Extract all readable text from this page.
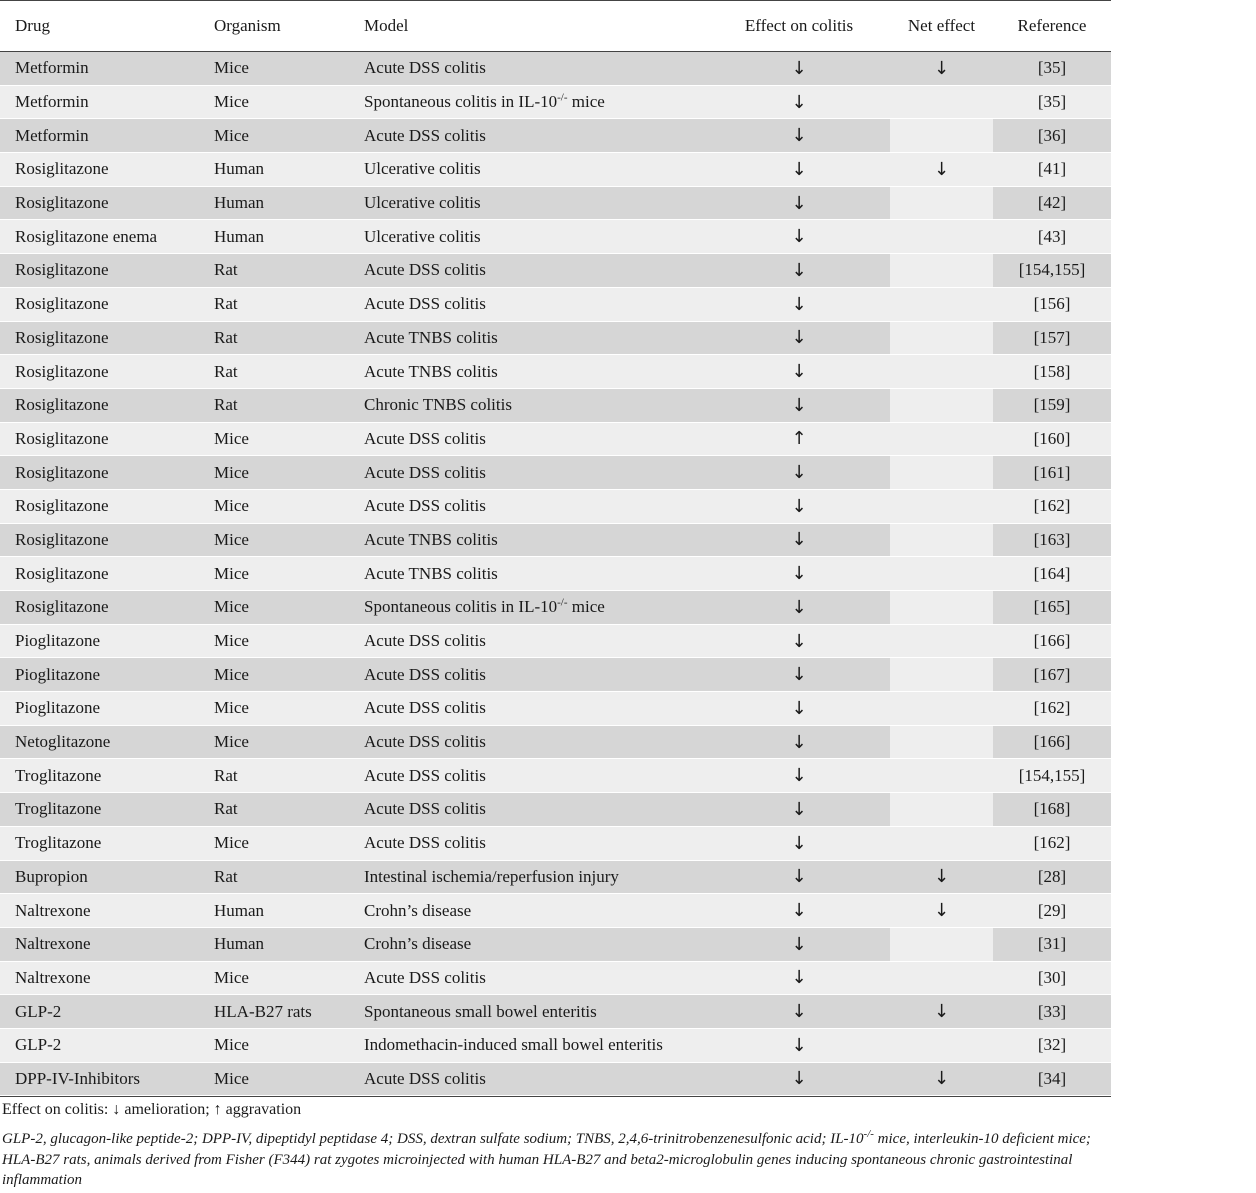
Drug	Organism	Model	Effect on colitis	Net effect	Reference
Metformin	Mice	Acute DSS colitis	↓	↓	[35]
Metformin	Mice	Spontaneous colitis in IL-10-/- mice	↓		[35]
Metformin	Mice	Acute DSS colitis	↓		[36]
Rosiglitazone	Human	Ulcerative colitis	↓	↓	[41]
Rosiglitazone	Human	Ulcerative colitis	↓		[42]
Rosiglitazone enema	Human	Ulcerative colitis	↓		[43]
Rosiglitazone	Rat	Acute DSS colitis	↓		[154,155]
Rosiglitazone	Rat	Acute DSS colitis	↓		[156]
Rosiglitazone	Rat	Acute TNBS colitis	↓		[157]
Rosiglitazone	Rat	Acute TNBS colitis	↓		[158]
Rosiglitazone	Rat	Chronic TNBS colitis	↓		[159]
Rosiglitazone	Mice	Acute DSS colitis	↑		[160]
Rosiglitazone	Mice	Acute DSS colitis	↓		[161]
Rosiglitazone	Mice	Acute DSS colitis	↓		[162]
Rosiglitazone	Mice	Acute TNBS colitis	↓		[163]
Rosiglitazone	Mice	Acute TNBS colitis	↓		[164]
Rosiglitazone	Mice	Spontaneous colitis in IL-10-/- mice	↓		[165]
Pioglitazone	Mice	Acute DSS colitis	↓		[166]
Pioglitazone	Mice	Acute DSS colitis	↓		[167]
Pioglitazone	Mice	Acute DSS colitis	↓		[162]
Netoglitazone	Mice	Acute DSS colitis	↓		[166]
Troglitazone	Rat	Acute DSS colitis	↓		[154,155]
Troglitazone	Rat	Acute DSS colitis	↓		[168]
Troglitazone	Mice	Acute DSS colitis	↓		[162]
Bupropion	Rat	Intestinal ischemia/reperfusion injury	↓	↓	[28]
Naltrexone	Human	Crohn’s disease	↓	↓	[29]
Naltrexone	Human	Crohn’s disease	↓		[31]
Naltrexone	Mice	Acute DSS colitis	↓		[30]
GLP-2	HLA-B27 rats	Spontaneous small bowel enteritis	↓	↓	[33]
GLP-2	Mice	Indomethacin-induced small bowel enteritis	↓		[32]
DPP-IV-Inhibitors	Mice	Acute DSS colitis	↓	↓	[34]
Effect on colitis: ↓ amelioration; ↑ aggravation
GLP-2, glucagon-like peptide-2; DPP-IV, dipeptidyl peptidase 4; DSS, dextran sulfate sodium; TNBS, 2,4,6-trinitrobenzenesulfonic acid; IL-10-/- mice, interleukin-10 deficient mice; HLA-B27 rats, animals derived from Fisher (F344) rat zygotes microinjected with human HLA-B27 and beta2-microglobulin genes inducing spontaneous chronic gastrointestinal inflammation
